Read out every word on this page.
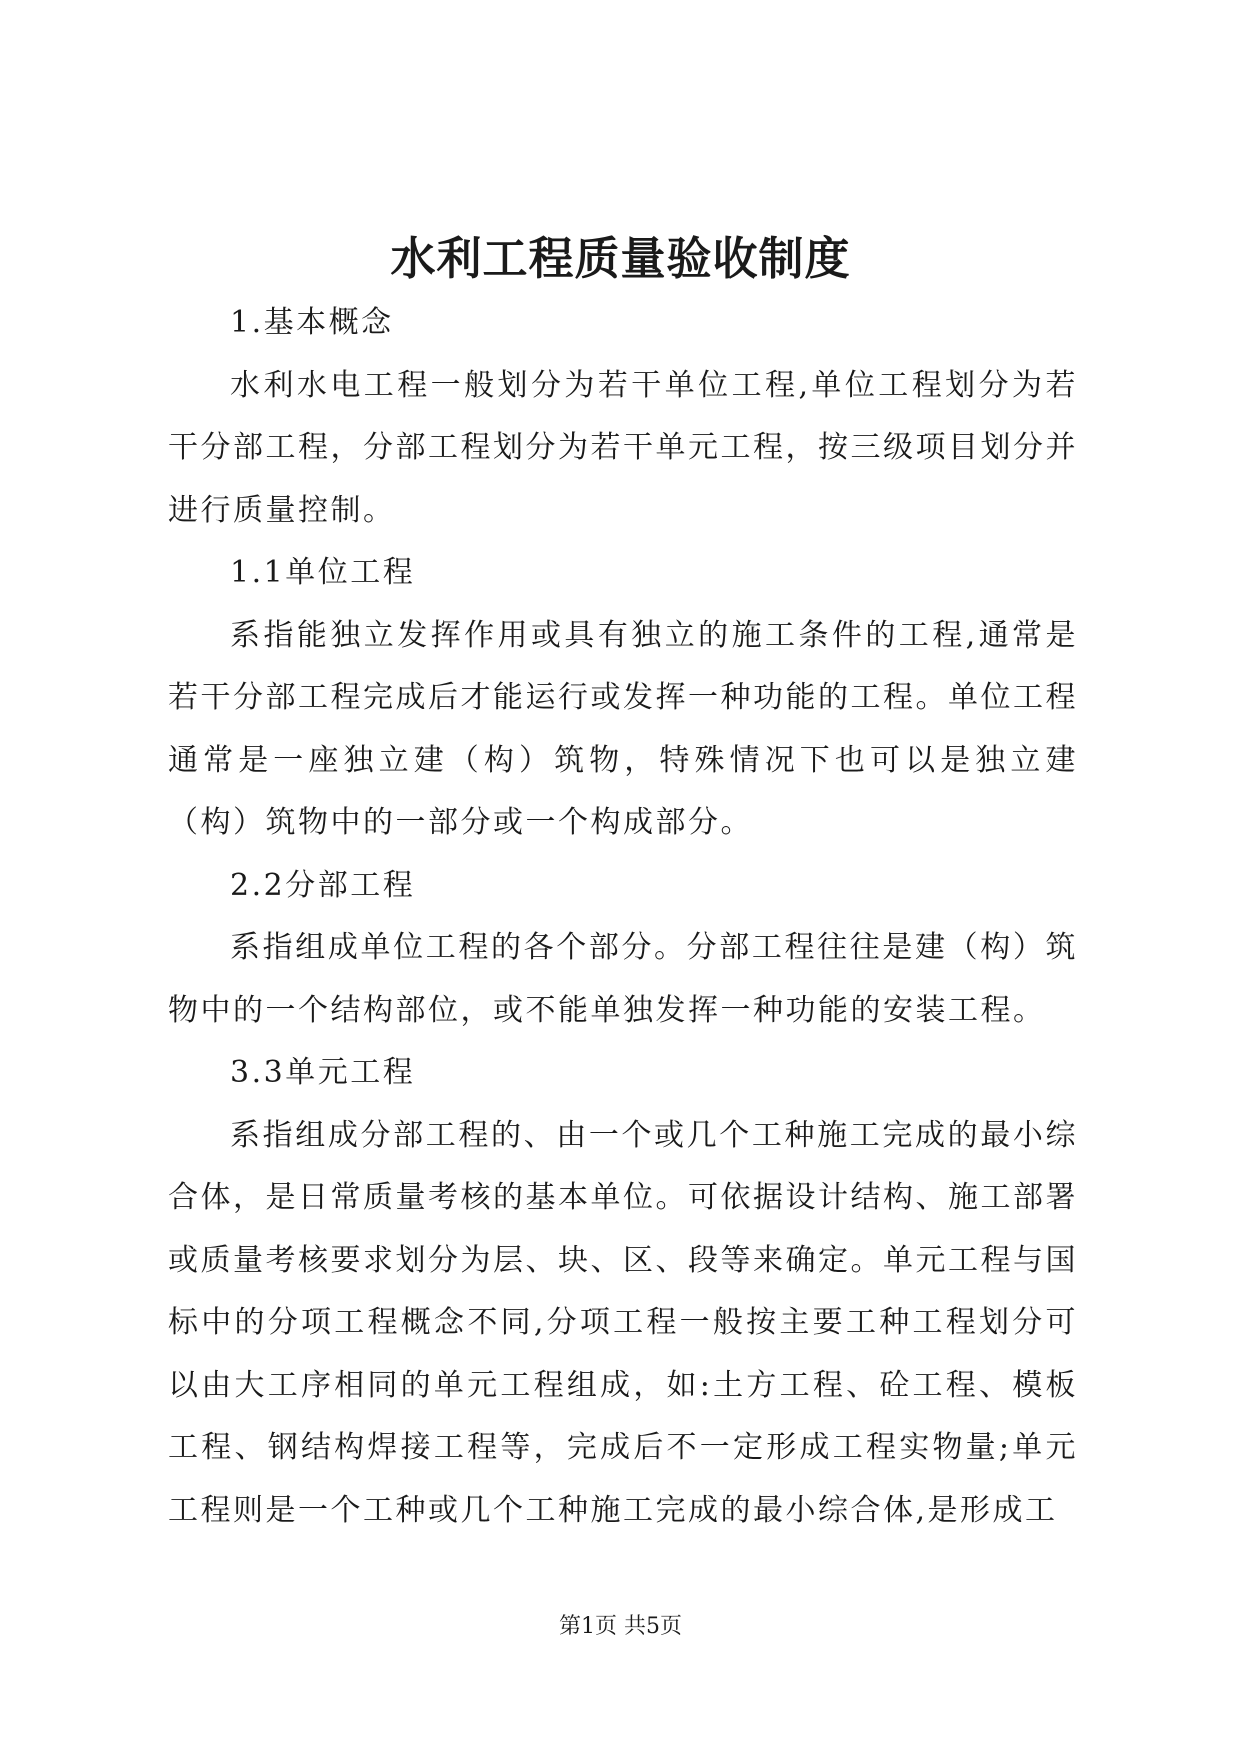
水利工程质量验收制度

1.基本概念

水利水电工程一般划分为若干单位工程,单位工程划分为若干分部工程，分部工程划分为若干单元工程，按三级项目划分并进行质量控制。

1.1单位工程

系指能独立发挥作用或具有独立的施工条件的工程,通常是若干分部工程完成后才能运行或发挥一种功能的工程。单位工程通常是一座独立建（构）筑物，特殊情况下也可以是独立建（构）筑物中的一部分或一个构成部分。

2.2分部工程

系指组成单位工程的各个部分。分部工程往往是建（构）筑物中的一个结构部位，或不能单独发挥一种功能的安装工程。

3.3单元工程

系指组成分部工程的、由一个或几个工种施工完成的最小综合体，是日常质量考核的基本单位。可依据设计结构、施工部署或质量考核要求划分为层、块、区、段等来确定。单元工程与国标中的分项工程概念不同,分项工程一般按主要工种工程划分可以由大工序相同的单元工程组成，如:土方工程、砼工程、模板工程、钢结构焊接工程等，完成后不一定形成工程实物量;单元工程则是一个工种或几个工种施工完成的最小综合体,是形成工

第1页 共5页
